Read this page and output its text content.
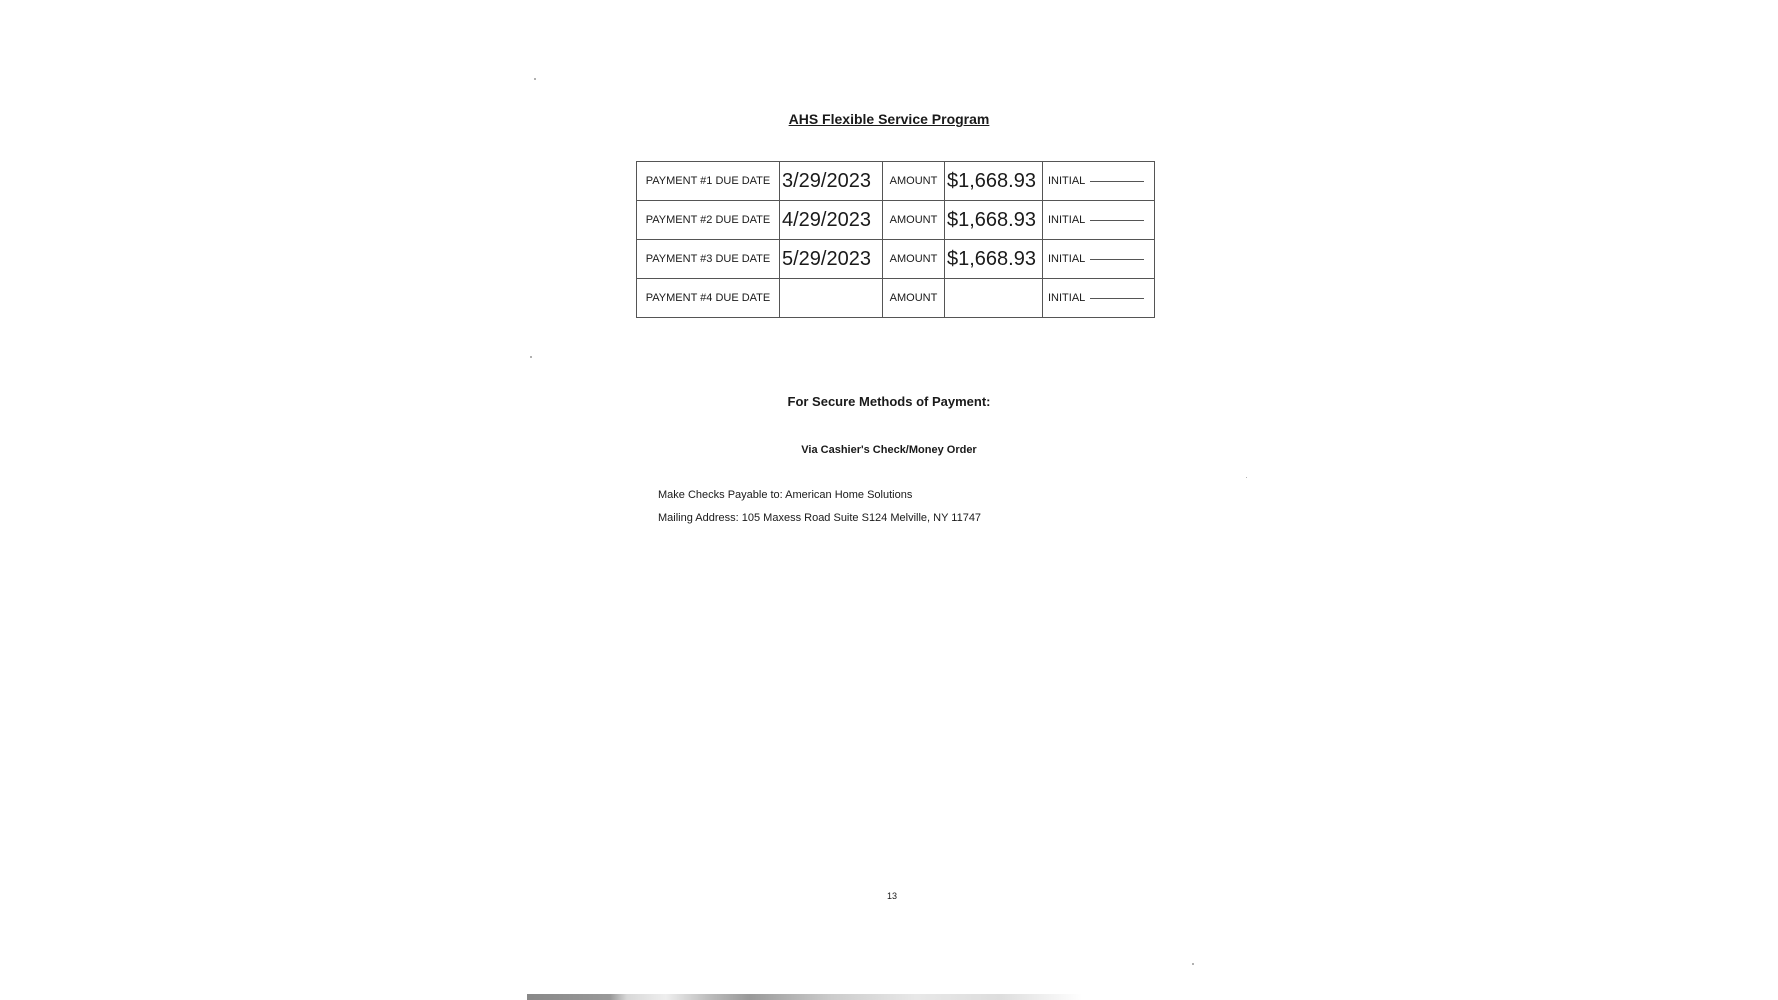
AHS Flexible Service Program
PAYMENT #1 DUE DATE	3/29/2023	AMOUNT	$1,668.93	INITIAL
PAYMENT #2 DUE DATE	4/29/2023	AMOUNT	$1,668.93	INITIAL
PAYMENT #3 DUE DATE	5/29/2023	AMOUNT	$1,668.93	INITIAL
PAYMENT #4 DUE DATE		AMOUNT		INITIAL
For Secure Methods of Payment:
Via Cashier's Check/Money Order
Make Checks Payable to: American Home Solutions
Mailing Address: 105 Maxess Road Suite S124 Melville, NY 11747
13
